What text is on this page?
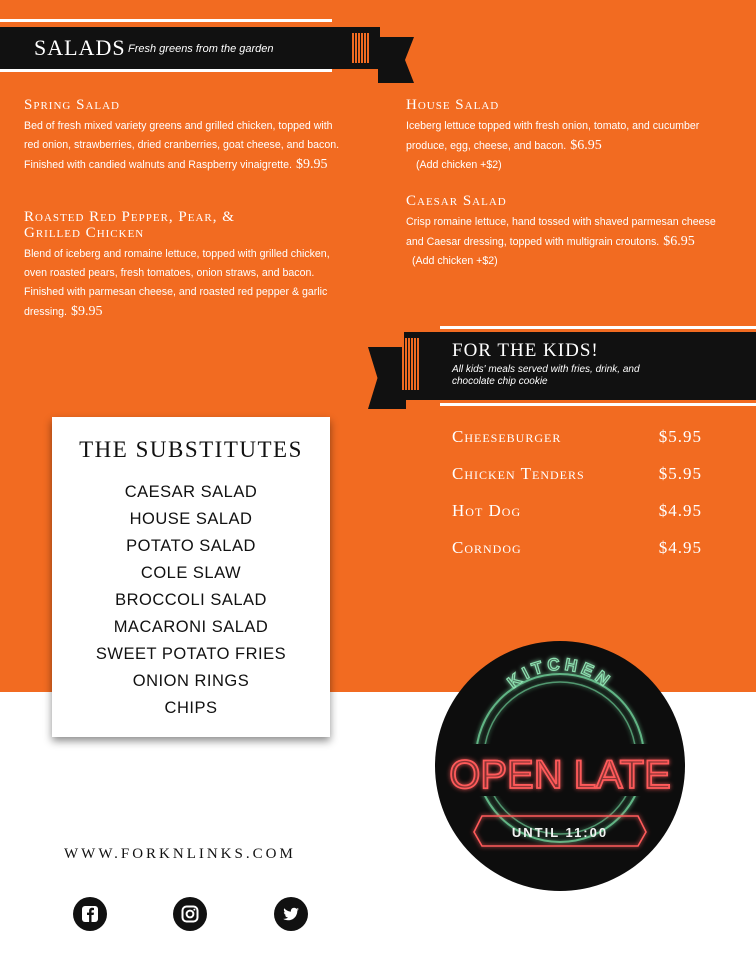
SALADS Fresh greens from the garden
Spring Salad

Bed of fresh mixed variety greens and grilled chicken, topped with red onion, strawberries, dried cranberries, goat cheese, and bacon. Finished with candied walnuts and Raspberry vinaigrette. $9.95

Roasted Red Pepper, Pear, & Grilled Chicken

Blend of iceberg and romaine lettuce, topped with grilled chicken, oven roasted pears, fresh tomatoes, onion straws, and bacon. Finished with parmesan cheese, and roasted red pepper & garlic dressing. $9.95

House Salad

Iceberg lettuce topped with fresh onion, tomato, and cucumber produce, egg, cheese, and bacon. $6.95
(Add chicken +$2)

Caesar Salad

Crisp romaine lettuce, hand tossed with shaved parmesan cheese and Caesar dressing, topped with multigrain croutons. $6.95 (Add chicken +$2)

FOR THE KIDS!
All kids' meals served with fries, drink, and chocolate chip cookie
Cheeseburger	$5.95
Chicken Tenders	$5.95
Hot Dog	$4.95
Corndog	$4.95
THE SUBSTITUTES
CAESAR SALAD
HOUSE SALAD
POTATO SALAD
COLE SLAW
BROCCOLI SALAD
MACARONI SALAD
SWEET POTATO FRIES
ONION RINGS
CHIPS
KITCHEN
OPEN LATE
UNTIL 11:00
WWW.FORKNLINKS.COM
